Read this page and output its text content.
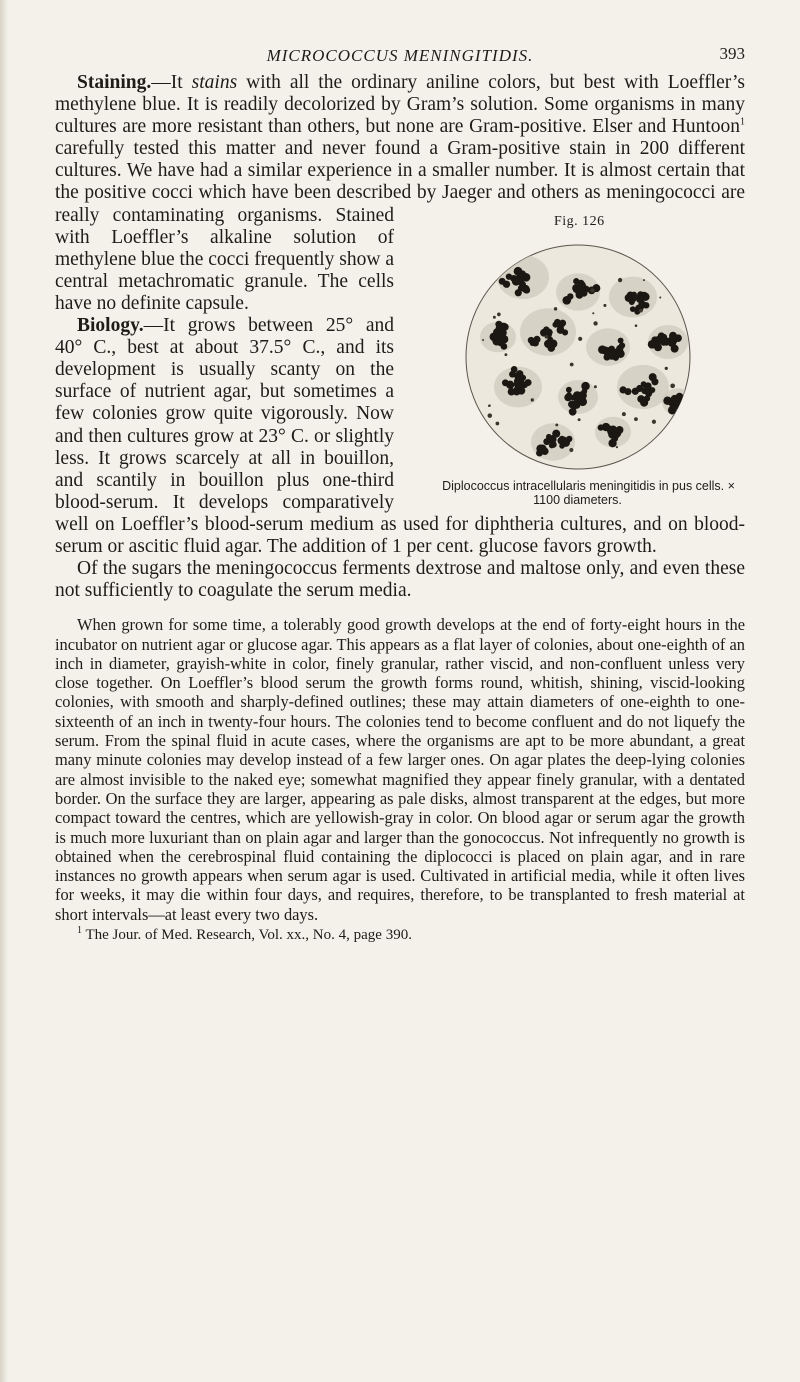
MICROCOCCUS MENINGITIDIS.	393

Staining.—It stains with all the ordinary aniline colors, but best with Loeffler’s methylene blue. It is readily decolorized by Gram’s solution. Some organisms in many cultures are more resistant than others, but none are Gram-positive. Elser and Huntoon$^1$ carefully tested this matter and never found a Gram-positive stain in 200 different cultures. We have had a similar experience in a smaller number. It is almost certain that the positive cocci which have been described by
Fig. 126
Diplococcus intracellularis meningitidis in pus cells. × 1100 diameters.
Jaeger and others as meningococci are really contaminating organisms. Stained with Loeffler’s alkaline solution of methylene blue the cocci frequently show a central metachromatic granule. The cells have no definite capsule.

Biology.—It grows between 25° and 40° C., best at about 37.5° C., and its development is usually scanty on the surface of nutrient agar, but sometimes a few colonies grow quite vigorously. Now and then cultures grow at 23° C. or slightly less. It grows scarcely at all in bouillon, and scantily in bouillon plus one-third blood-serum. It develops comparatively well on Loeffler’s blood-serum medium as used for diphtheria cultures, and on blood-serum or ascitic fluid agar. The addition of 1 per cent. glucose favors growth.

Of the sugars the meningococcus ferments dextrose and maltose only, and even these not sufficiently to coagulate the serum media.

When grown for some time, a tolerably good growth develops at the end of forty-eight hours in the incubator on nutrient agar or glucose agar. This appears as a flat layer of colonies, about one-eighth of an inch in diameter, grayish-white in color, finely granular, rather viscid, and non-confluent unless very close together. On Loeffler’s blood serum the growth forms round, whitish, shining, viscid-looking colonies, with smooth and sharply-defined outlines; these may attain diameters of one-eighth to one-sixteenth of an inch in twenty-four hours. The colonies tend to become confluent and do not liquefy the serum. From the spinal fluid in acute cases, where the organisms are apt to be more abundant, a great many minute colonies may develop instead of a few larger ones. On agar plates the deep-lying colonies are almost invisible to the naked eye; somewhat magnified they appear finely granular, with a dentated border. On the surface they are larger, appearing as pale disks, almost transparent at the edges, but more compact toward the centres, which are yellowish-gray in color. On blood agar or serum agar the growth is much more luxuriant than on plain agar and larger than the gonococcus. Not infrequently no growth is obtained when the cerebrospinal fluid containing the diplococci is placed on plain agar, and in rare instances no growth appears when serum agar is used. Cultivated in artificial media, while it often lives for weeks, it may die within four days, and requires, therefore, to be transplanted to fresh material at short intervals—at least every two days.

$^1$ The Jour. of Med. Research, Vol. xx., No. 4, page 390.
